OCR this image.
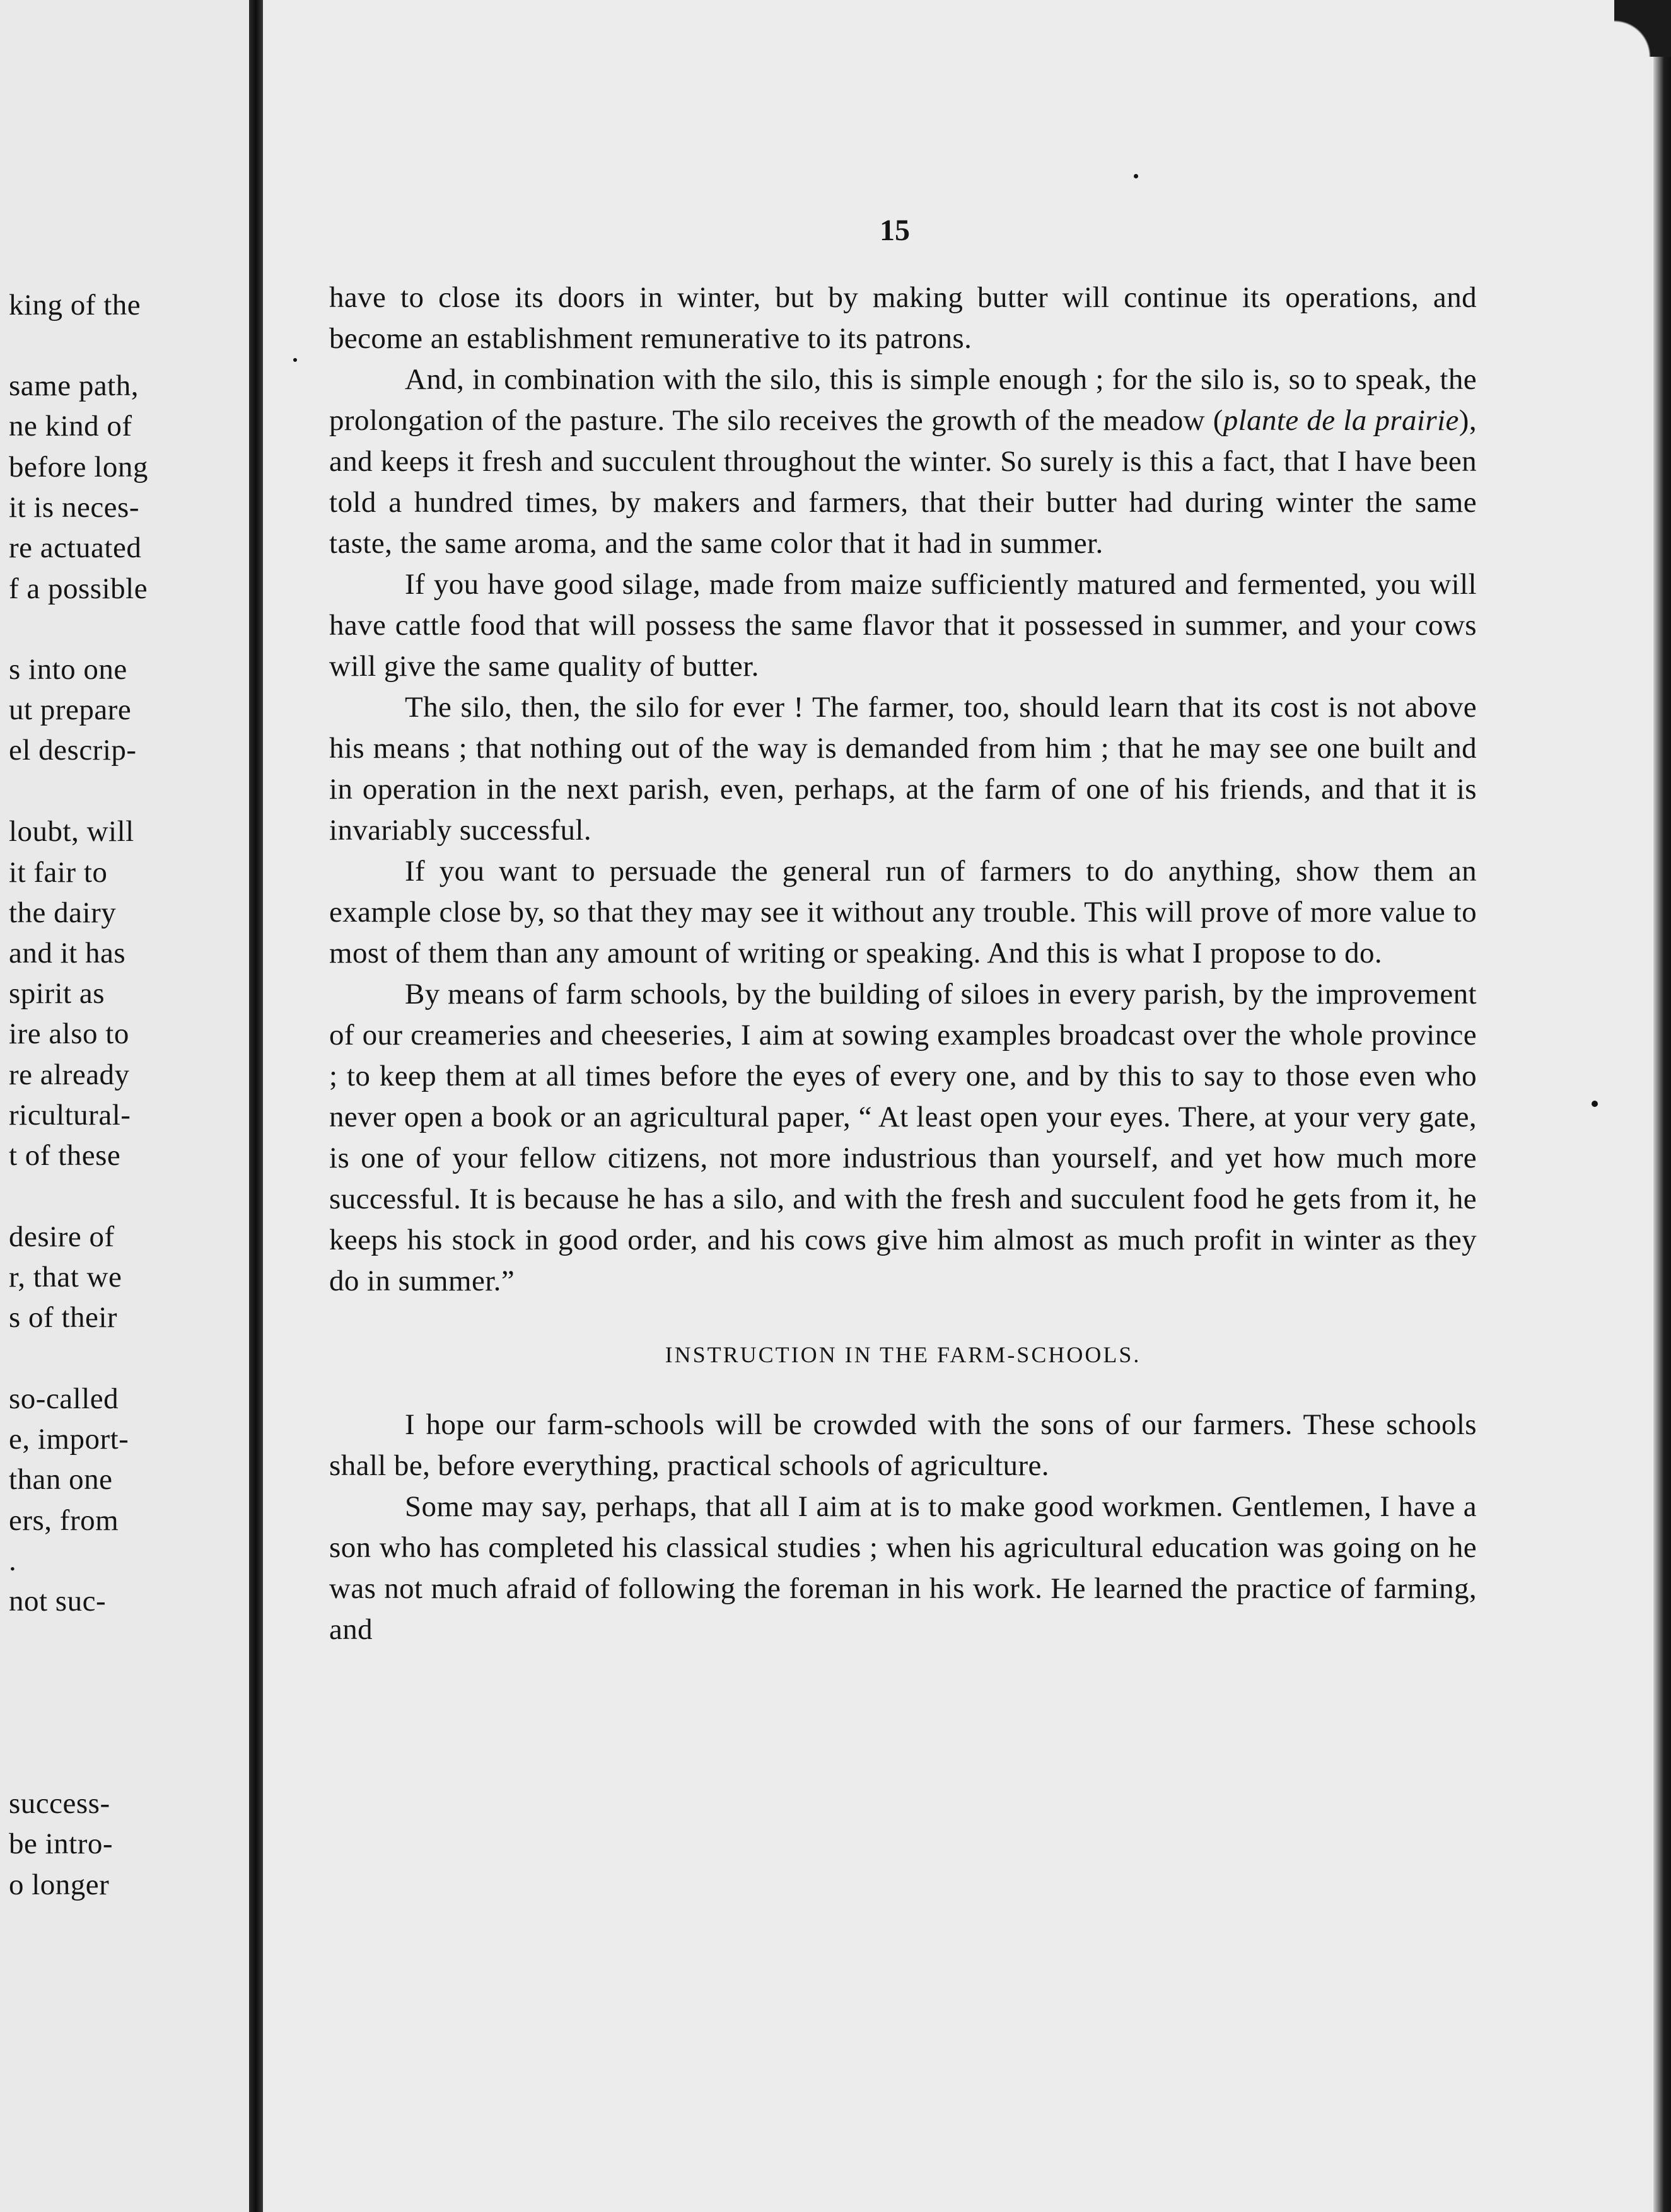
king of the
same path,
ne kind of
before long
it is neces-
re actuated
f a possible
s into one
ut prepare
el descrip-
loubt, will
it fair to
the dairy
and it has
spirit as
ire also to
re already
ricultural-
t of these
desire of
r, that we
s of their
so-called
e, import-
than one
ers, from
.
not suc-
success-
be intro-
o longer
15

have to close its doors in winter, but by making butter will continue its operations, and become an establishment remunerative to its patrons.

And, in combination with the silo, this is simple enough ; for the silo is, so to speak, the prolongation of the pasture. The silo receives the growth of the meadow (plante de la prairie), and keeps it fresh and succulent throughout the winter. So surely is this a fact, that I have been told a hundred times, by makers and farmers, that their butter had during winter the same taste, the same aroma, and the same color that it had in summer.

If you have good silage, made from maize sufficiently matured and fermented, you will have cattle food that will possess the same flavor that it possessed in summer, and your cows will give the same quality of butter.

The silo, then, the silo for ever ! The farmer, too, should learn that its cost is not above his means ; that nothing out of the way is demanded from him ; that he may see one built and in operation in the next parish, even, perhaps, at the farm of one of his friends, and that it is invariably successful.

If you want to persuade the general run of farmers to do anything, show them an example close by, so that they may see it without any trouble. This will prove of more value to most of them than any amount of writing or speaking. And this is what I propose to do.

By means of farm schools, by the building of siloes in every parish, by the improvement of our creameries and cheeseries, I aim at sowing examples broadcast over the whole province ; to keep them at all times before the eyes of every one, and by this to say to those even who never open a book or an agricultural paper, “ At least open your eyes. There, at your very gate, is one of your fellow citizens, not more industrious than yourself, and yet how much more successful. It is because he has a silo, and with the fresh and succulent food he gets from it, he keeps his stock in good order, and his cows give him almost as much profit in winter as they do in summer.”

INSTRUCTION IN THE FARM-SCHOOLS.

I hope our farm-schools will be crowded with the sons of our farmers. These schools shall be, before everything, practical schools of agriculture.

Some may say, perhaps, that all I aim at is to make good workmen. Gentlemen, I have a son who has completed his classical studies ; when his agricultural education was going on he was not much afraid of following the foreman in his work. He learned the practice of farming, and
